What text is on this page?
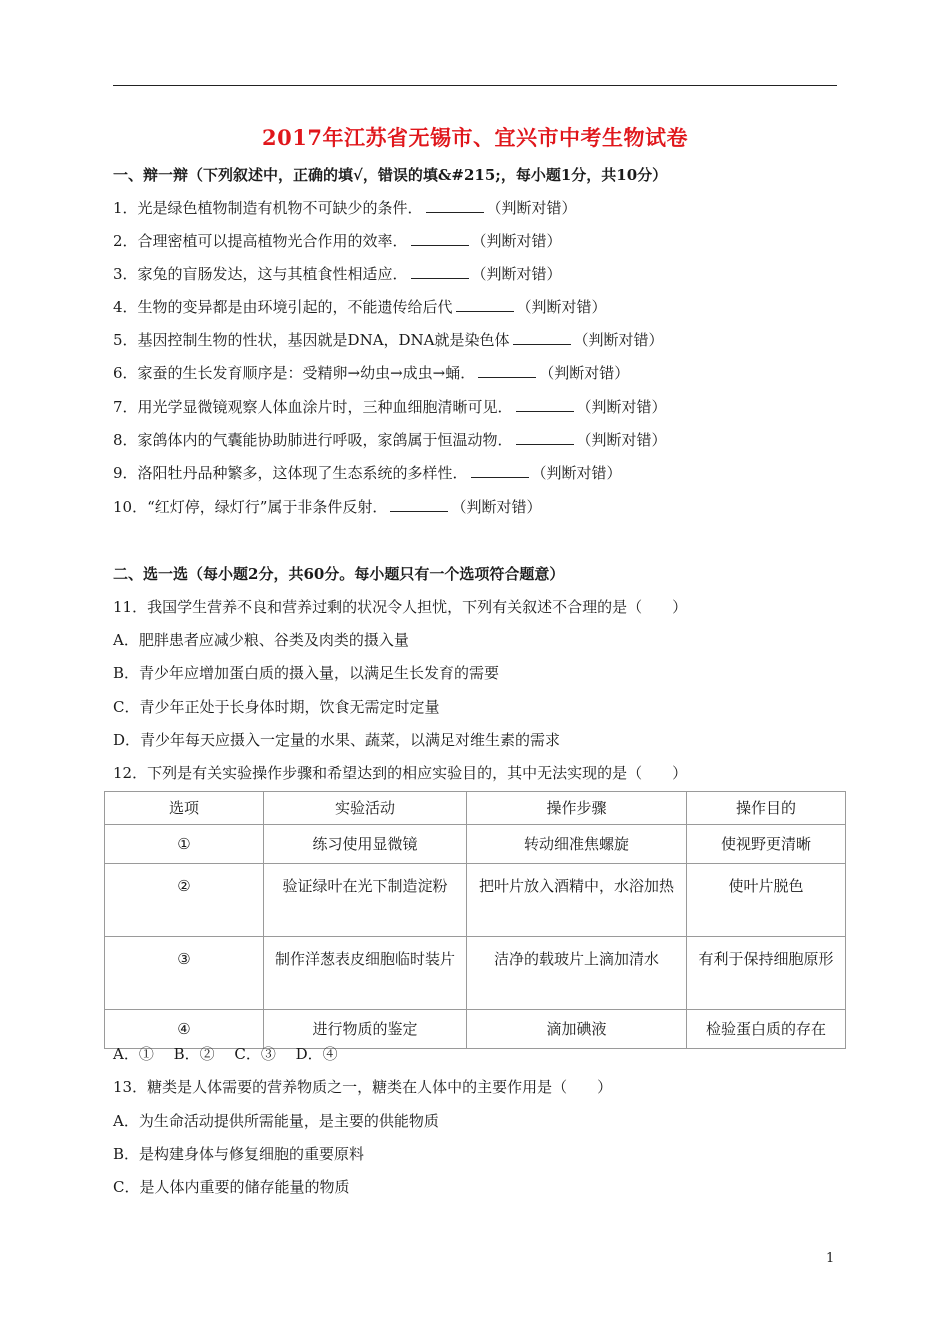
2017年江苏省无锡市、宜兴市中考生物试卷
一、辩一辩（下列叙述中，正确的填√，错误的填&#215;，每小题1分，共10分）
1．光是绿色植物制造有机物不可缺少的条件．	（判断对错）
2．合理密植可以提高植物光合作用的效率．	（判断对错）
3．家兔的盲肠发达，这与其植食性相适应．	（判断对错）
4．生物的变异都是由环境引起的，不能遗传给后代	（判断对错）
5．基因控制生物的性状，基因就是DNA，DNA就是染色体	（判断对错）
6．家蚕的生长发育顺序是：受精卵→幼虫→成虫→蛹．	（判断对错）
7．用光学显微镜观察人体血涂片时，三种血细胞清晰可见．	（判断对错）
8．家鸽体内的气囊能协助肺进行呼吸，家鸽属于恒温动物．	（判断对错）
9．洛阳牡丹品种繁多，这体现了生态系统的多样性．	（判断对错）
10．“红灯停，绿灯行”属于非条件反射．	（判断对错）
二、选一选（每小题2分，共60分。每小题只有一个选项符合题意）
11．我国学生营养不良和营养过剩的状况令人担忧，下列有关叙述不合理的是（　　）
A．肥胖患者应减少粮、谷类及肉类的摄入量
B．青少年应增加蛋白质的摄入量，以满足生长发育的需要
C．青少年正处于长身体时期，饮食无需定时定量
D．青少年每天应摄入一定量的水果、蔬菜，以满足对维生素的需求
12．下列是有关实验操作步骤和希望达到的相应实验目的，其中无法实现的是（　　）
选项	实验活动	操作步骤	操作目的
①	练习使用显微镜	转动细准焦螺旋	使视野更清晰
②	验证绿叶在光下制造淀粉	把叶片放入酒精中，水浴加热	使叶片脱色
③	制作洋葱表皮细胞临时装片	洁净的载玻片上滴加清水	有利于保持细胞原形
④	进行物质的鉴定	滴加碘液	检验蛋白质的存在
A．①　 B．②　 C．③　 D．④
13．糖类是人体需要的营养物质之一，糖类在人体中的主要作用是（　　）
A．为生命活动提供所需能量，是主要的供能物质
B．是构建身体与修复细胞的重要原料
C．是人体内重要的储存能量的物质
1
